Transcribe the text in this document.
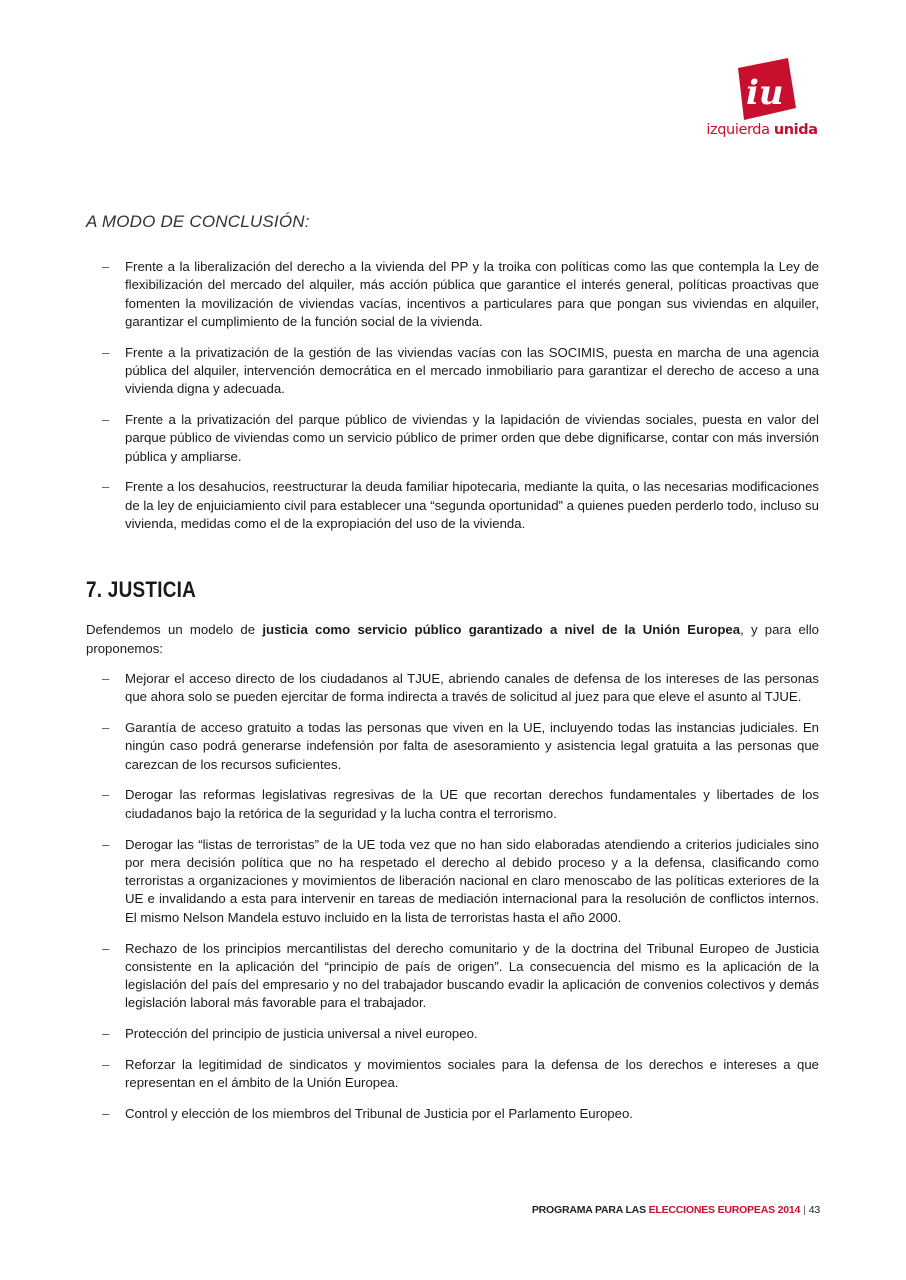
iu
izquierda unida
A MODO DE CONCLUSIÓN:
– Frente a la liberalización del derecho a la vivienda del PP y la troika con políticas como las que contempla la Ley de flexibilización del mercado del alquiler, más acción pública que garantice el interés general, políticas proactivas que fomenten la movilización de viviendas vacías, incentivos a particulares para que pongan sus viviendas en alquiler, garantizar el cumplimiento de la función social de la vivienda.
– Frente a la privatización de la gestión de las viviendas vacías con las SOCIMIS, puesta en marcha de una agencia pública del alquiler, intervención democrática en el mercado inmobiliario para garantizar el derecho de acceso a una vivienda digna y adecuada.
– Frente a la privatización del parque público de viviendas y la lapidación de viviendas sociales, puesta en valor del parque público de viviendas como un servicio público de primer orden que debe dignificarse, contar con más inversión pública y ampliarse.
– Frente a los desahucios, reestructurar la deuda familiar hipotecaria, mediante la quita, o las necesarias modificaciones de la ley de enjuiciamiento civil para establecer una “segunda oportunidad” a quienes pueden perderlo todo, incluso su vivienda, medidas como el de la expropiación del uso de la vivienda.
7. JUSTICIA

Defendemos un modelo de justicia como servicio público garantizado a nivel de la Unión Europea, y para ello proponemos:

– Mejorar el acceso directo de los ciudadanos al TJUE, abriendo canales de defensa de los intereses de las personas que ahora solo se pueden ejercitar de forma indirecta a través de solicitud al juez para que eleve el asunto al TJUE.
– Garantía de acceso gratuito a todas las personas que viven en la UE, incluyendo todas las instancias judiciales. En ningún caso podrá generarse indefensión por falta de asesoramiento y asistencia legal gratuita a las personas que carezcan de los recursos suficientes.
– Derogar las reformas legislativas regresivas de la UE que recortan derechos fundamentales y libertades de los ciudadanos bajo la retórica de la seguridad y la lucha contra el terrorismo.
– Derogar las “listas de terroristas” de la UE toda vez que no han sido elaboradas atendiendo a criterios judiciales sino por mera decisión política que no ha respetado el derecho al debido proceso y a la defensa, clasificando como terroristas a organizaciones y movimientos de liberación nacional en claro menoscabo de las políticas exteriores de la UE e invalidando a esta para intervenir en tareas de mediación internacional para la resolución de conflictos internos. El mismo Nelson Mandela estuvo incluido en la lista de terroristas hasta el año 2000.
– Rechazo de los principios mercantilistas del derecho comunitario y de la doctrina del Tribunal Europeo de Justicia consistente en la aplicación del “principio de país de origen”. La consecuencia del mismo es la aplicación de la legislación del país del empresario y no del trabajador buscando evadir la aplicación de convenios colectivos y demás legislación laboral más favorable para el trabajador.
– Protección del principio de justicia universal a nivel europeo.
– Reforzar la legitimidad de sindicatos y movimientos sociales para la defensa de los derechos e intereses a que representan en el ámbito de la Unión Europea.
– Control y elección de los miembros del Tribunal de Justicia por el Parlamento Europeo.
PROGRAMA PARA LAS ELECCIONES EUROPEAS 2014 | 43
